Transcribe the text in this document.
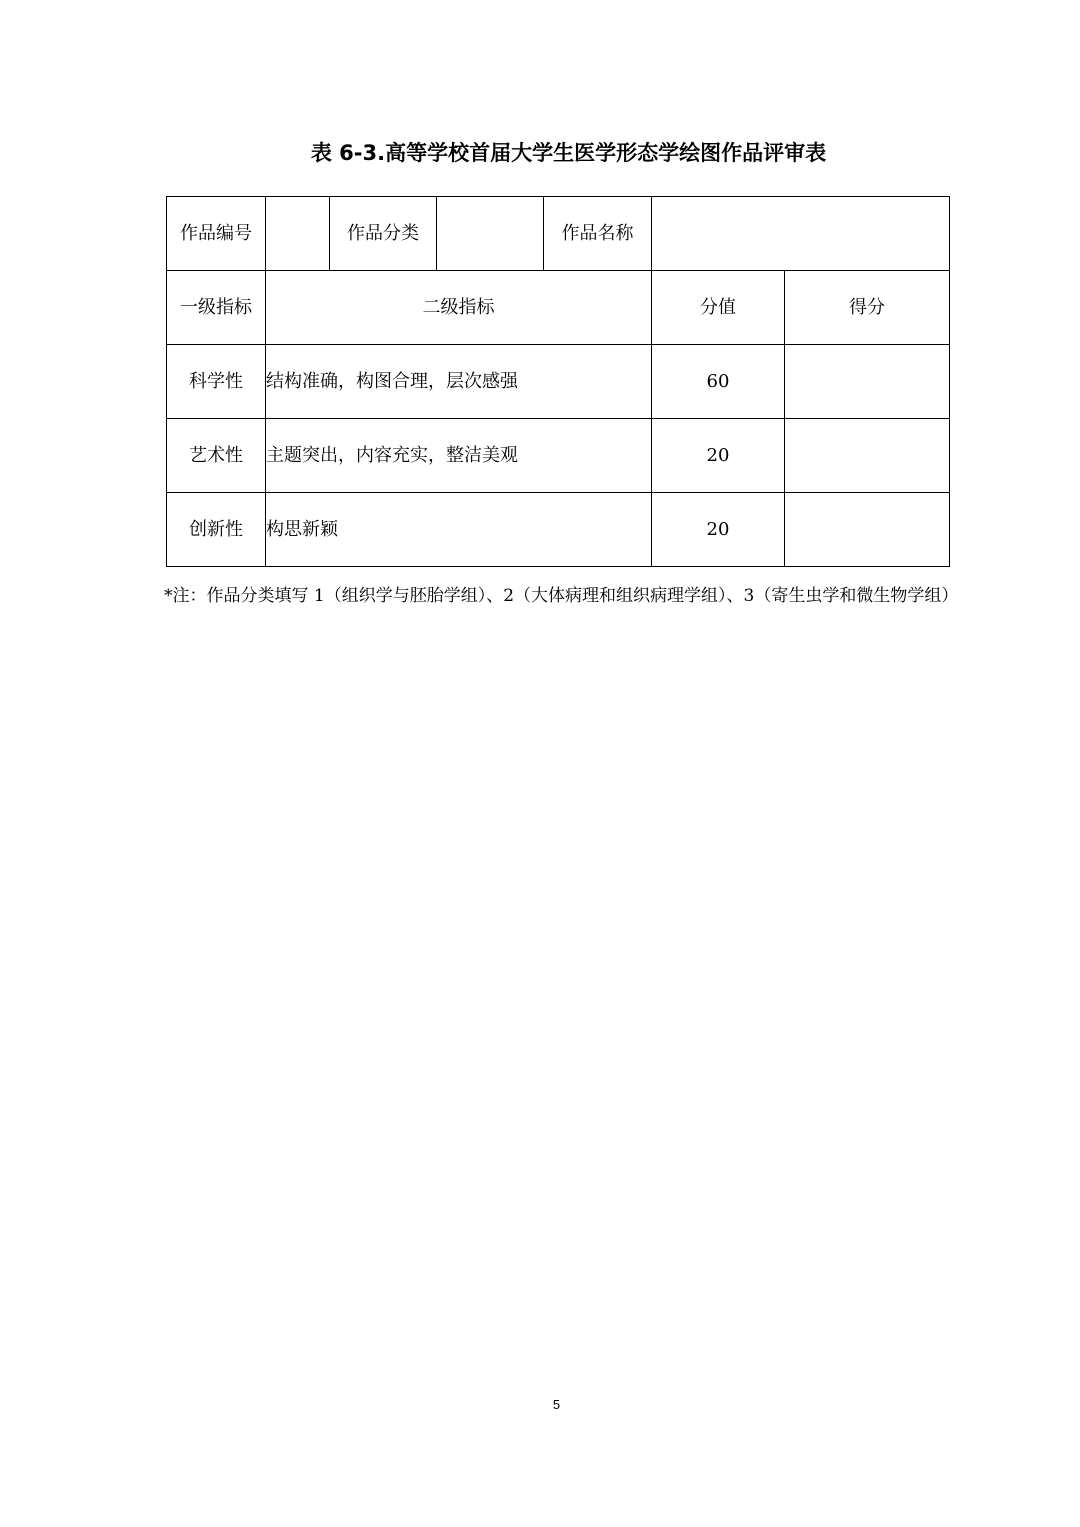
表 6-3.高等学校首届大学生医学形态学绘图作品评审表
作品编号		作品分类		作品名称		
一级指标	二级指标				分值	得分
科学性	结构准确，构图合理，层次感强				60	
艺术性	主题突出，内容充实，整洁美观				20	
创新性	构思新颖				20	
*注：作品分类填写 1（组织学与胚胎学组）、2（大体病理和组织病理学组）、3（寄生虫学和微生物学组）
5
